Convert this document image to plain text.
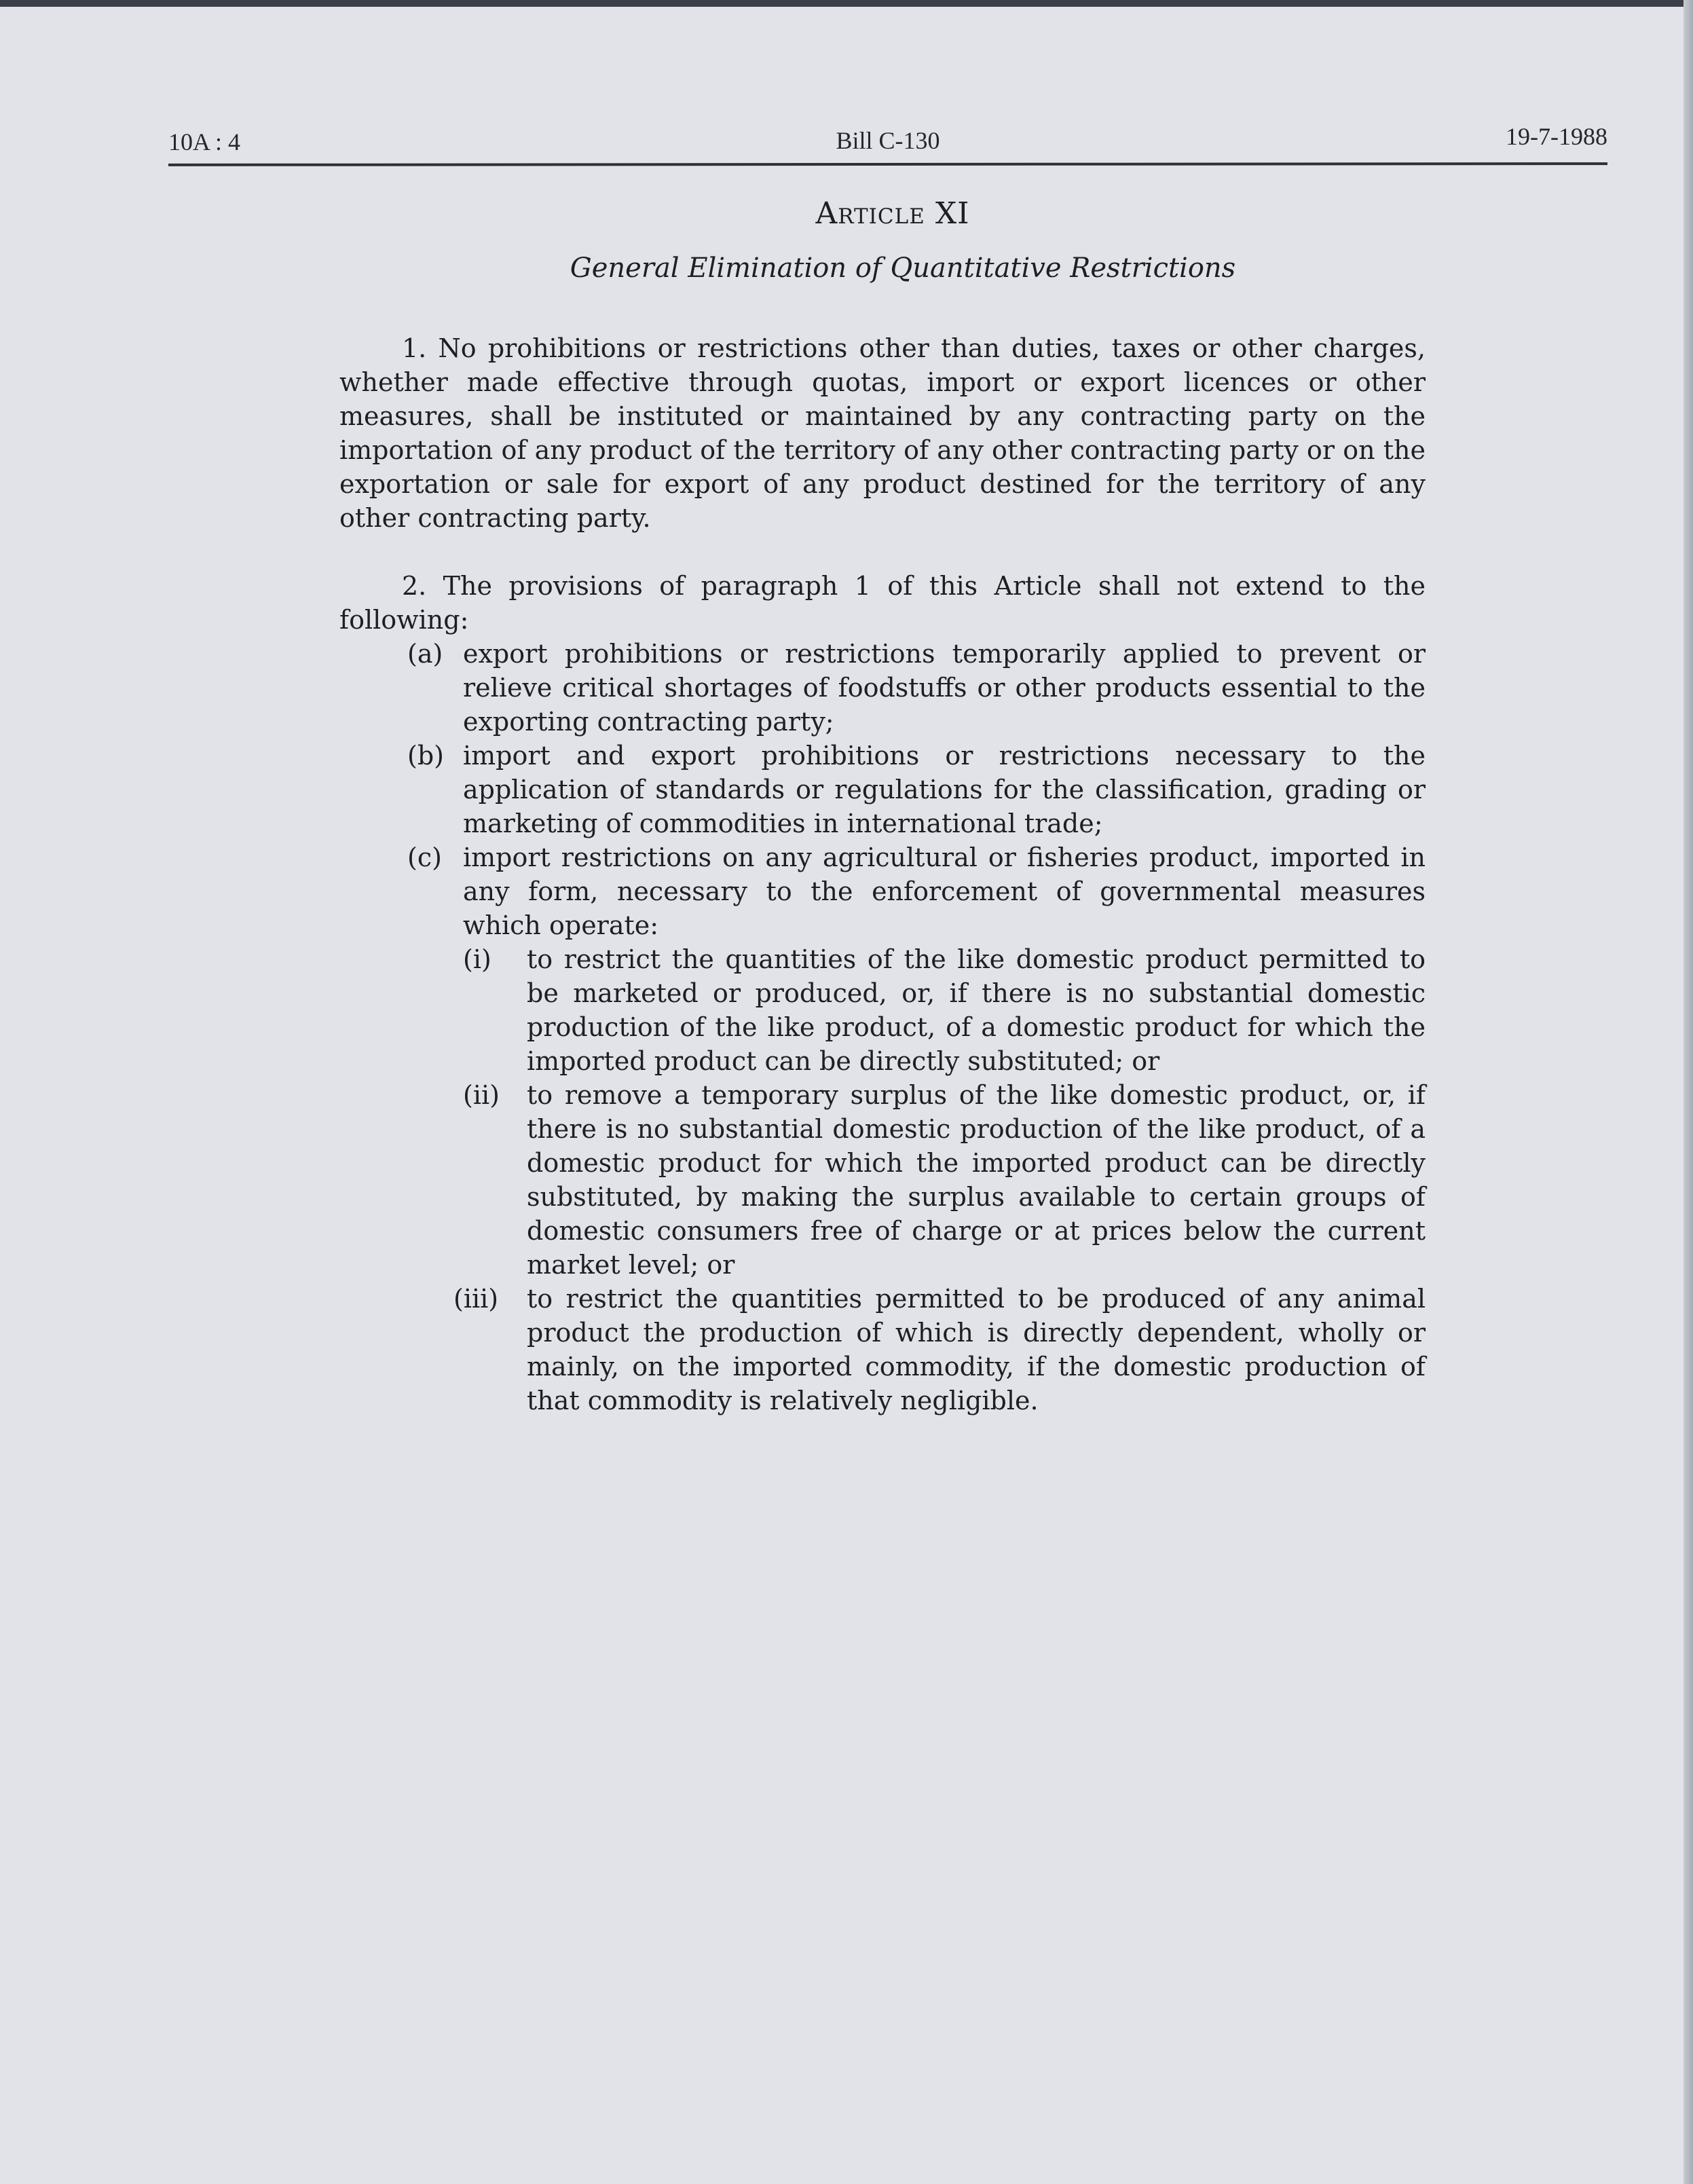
10A : 4	Bill C-130	19-7-1988
Article XI
General Elimination of Quantitative Restrictions

1. No prohibitions or restrictions other than duties, taxes or other charges, whether made effective through quotas, import or export licences or other measures, shall be instituted or maintained by any contracting party on the importation of any product of the territory of any other contracting party or on the exportation or sale for export of any product destined for the territory of any other contracting party.

2. The provisions of paragraph 1 of this Article shall not extend to the following:

(a) export prohibitions or restrictions temporarily applied to prevent or relieve critical shortages of foodstuffs or other products essential to the exporting contracting party;
(b) import and export prohibitions or restrictions necessary to the application of standards or regulations for the classification, grading or marketing of commodities in international trade;
(c) import restrictions on any agricultural or fisheries product, imported in any form, necessary to the enforcement of governmental measures which operate:
(i)	to restrict the quantities of the like domestic product permitted to be marketed or produced, or, if there is no substantial domestic production of the like product, of a domestic product for which the imported product can be directly substituted; or
(ii)	to remove a temporary surplus of the like domestic product, or, if there is no substantial domestic production of the like product, of a domestic product for which the imported product can be directly substituted, by making the surplus available to certain groups of domestic consumers free of charge or at prices below the current market level; or
(iii)	to restrict the quantities permitted to be produced of any animal product the production of which is directly dependent, wholly or mainly, on the imported commodity, if the domestic production of that commodity is relatively negligible.
